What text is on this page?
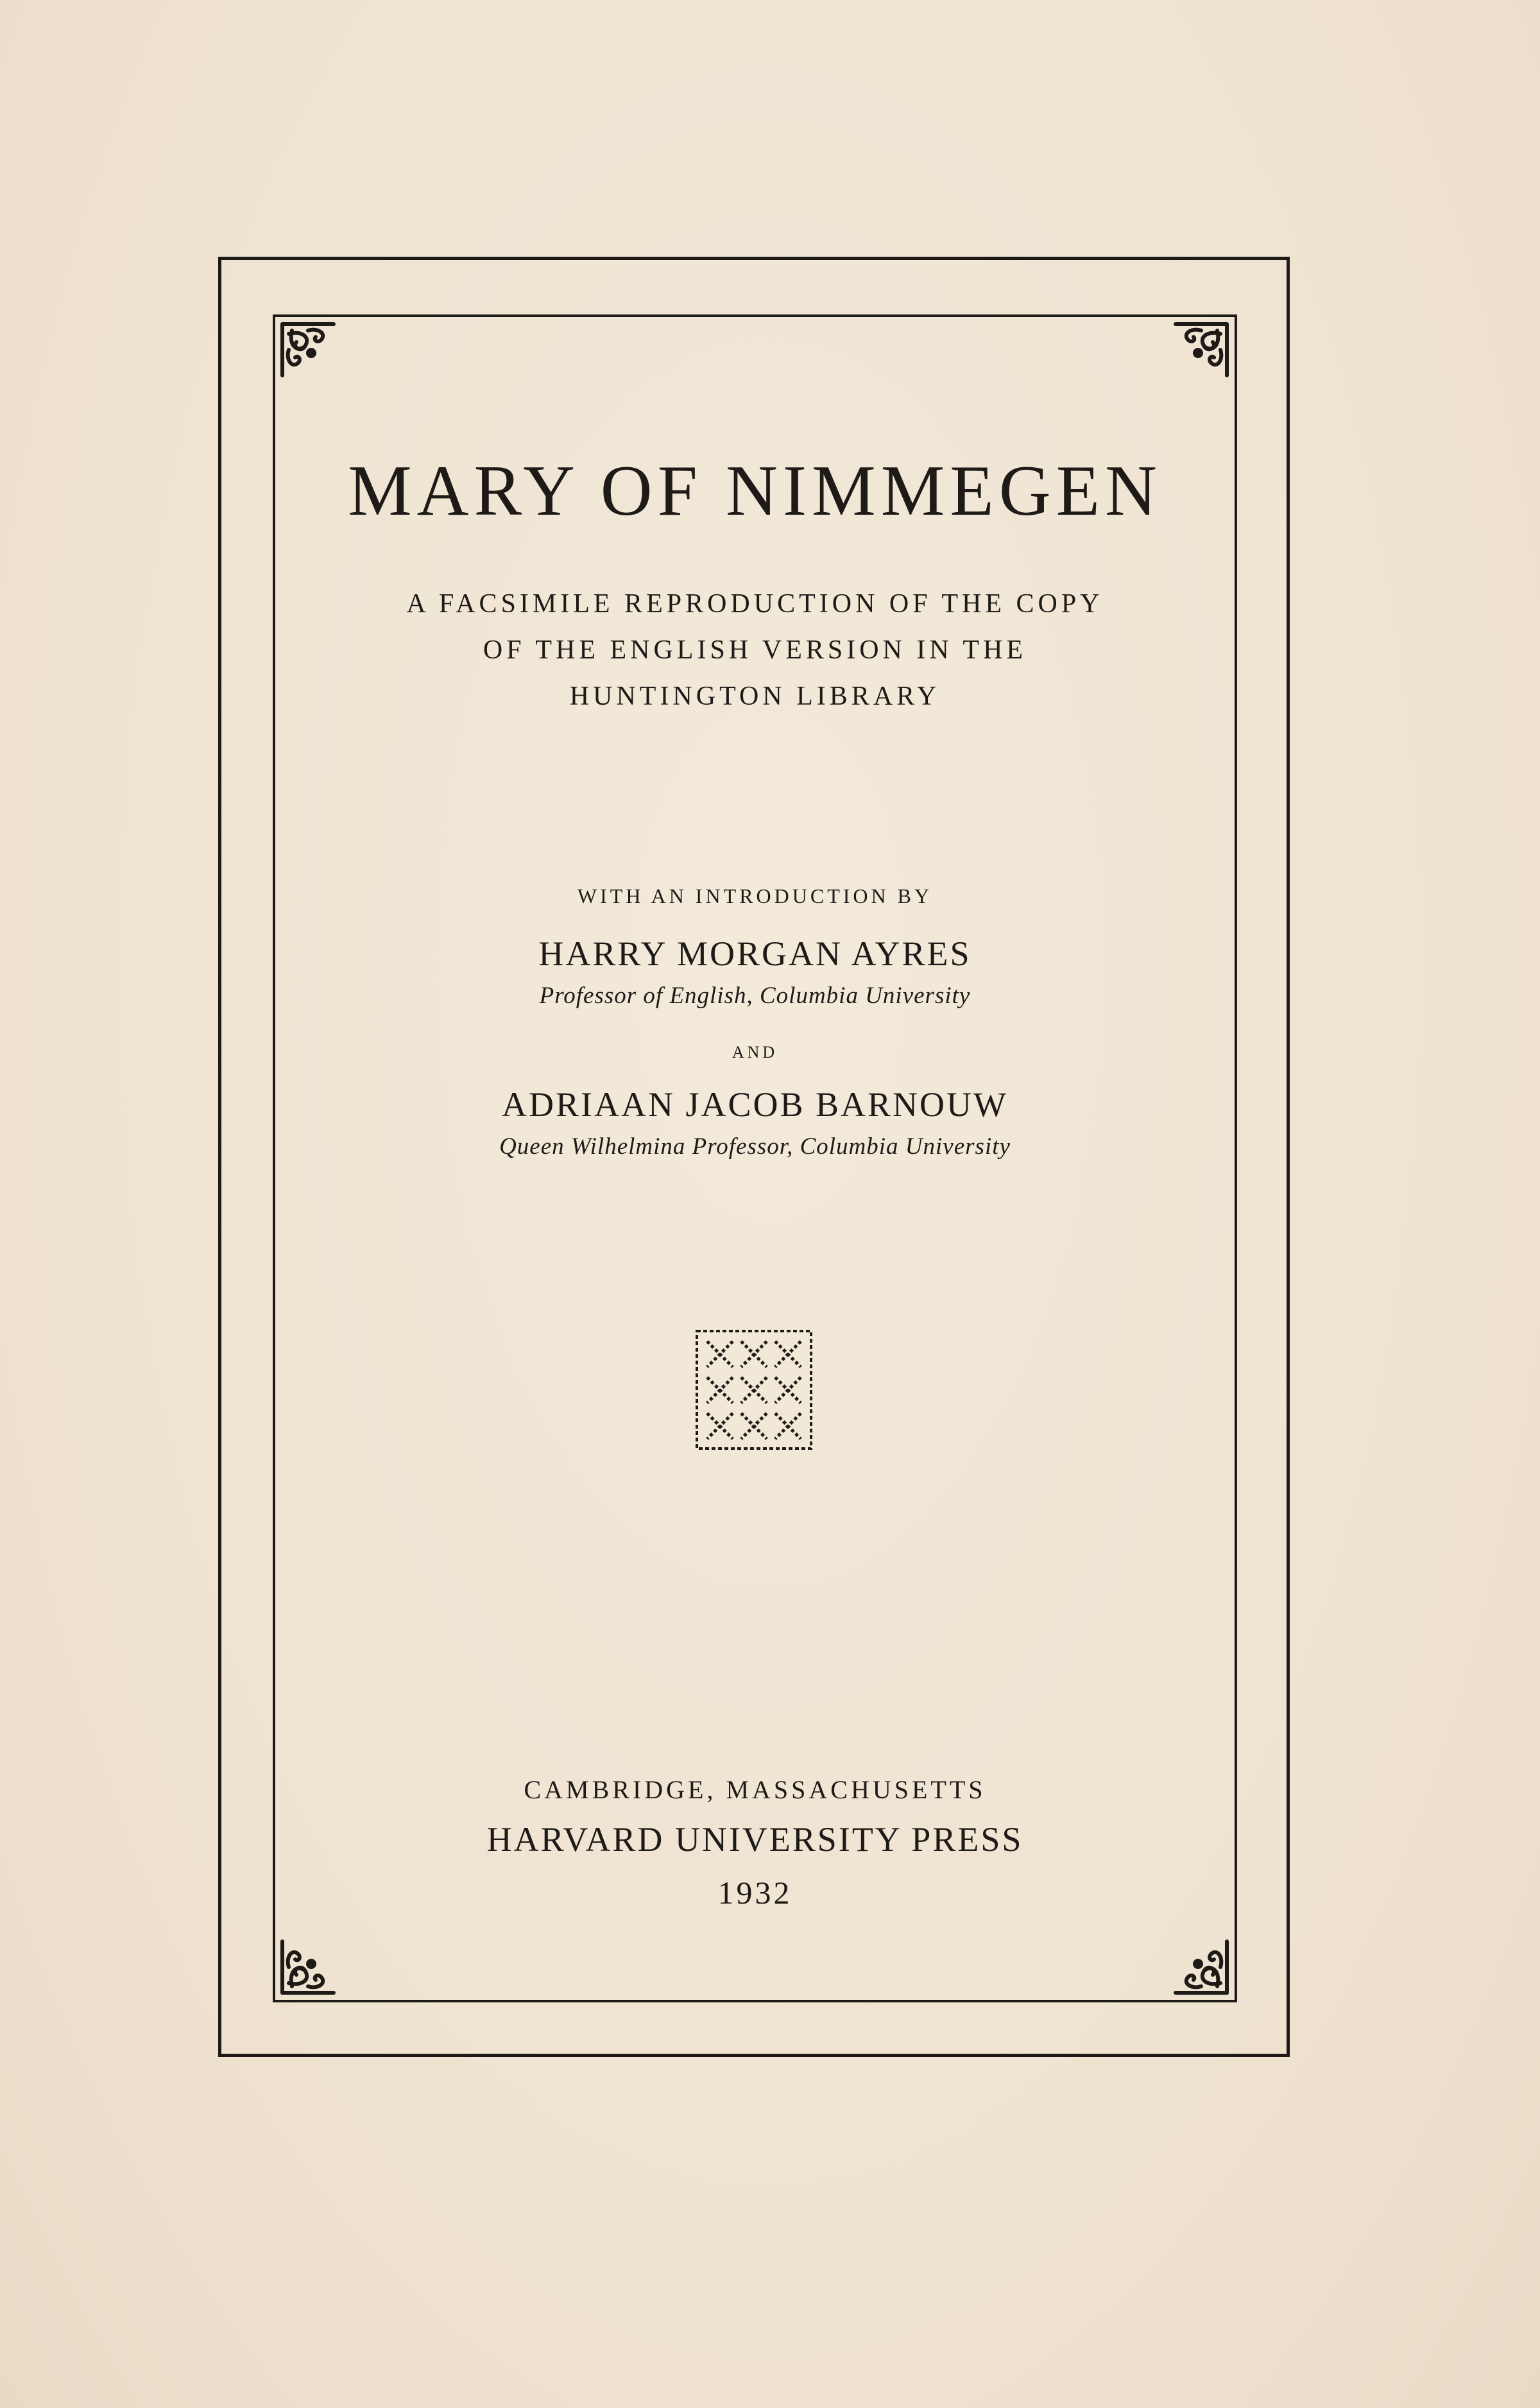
MARY OF NIMMEGEN
A FACSIMILE REPRODUCTION OF THE COPY
OF THE ENGLISH VERSION IN THE
HUNTINGTON LIBRARY
WITH AN INTRODUCTION BY
HARRY MORGAN AYRES
Professor of English, Columbia University
AND
ADRIAAN JACOB BARNOUW
Queen Wilhelmina Professor, Columbia University
CAMBRIDGE, MASSACHUSETTS
HARVARD UNIVERSITY PRESS
1932
